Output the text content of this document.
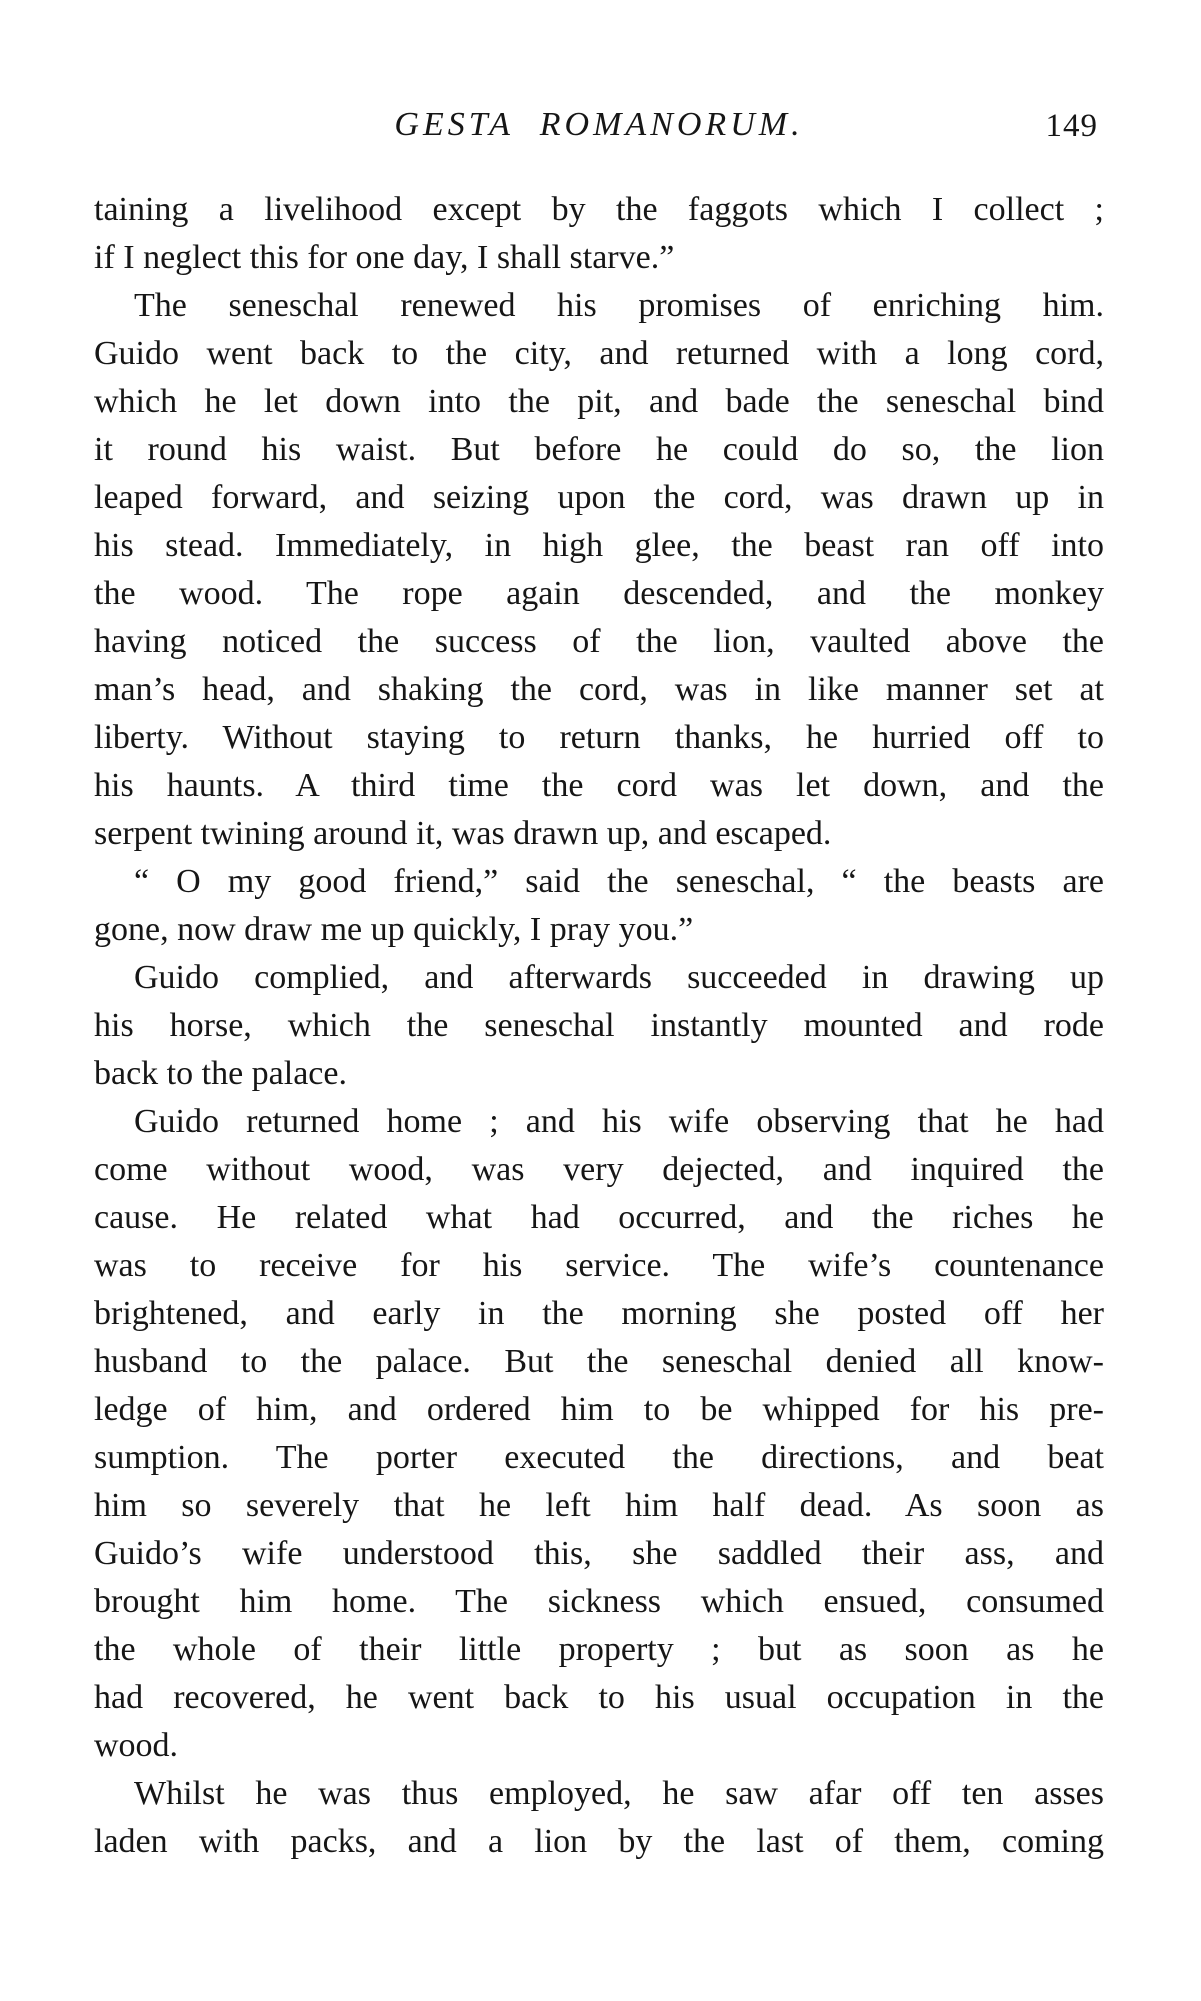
GESTA ROMANORUM.	149
taining a livelihood except by the faggots which I collect ;
if I neglect this for one day, I shall starve.”
The seneschal renewed his promises of enriching him.
Guido went back to the city, and returned with a long cord,
which he let down into the pit, and bade the seneschal bind
it round his waist. But before he could do so, the lion
leaped forward, and seizing upon the cord, was drawn up in
his stead. Immediately, in high glee, the beast ran off into
the wood. The rope again descended, and the monkey
having noticed the success of the lion, vaulted above the
man’s head, and shaking the cord, was in like manner set at
liberty. Without staying to return thanks, he hurried off to
his haunts. A third time the cord was let down, and the
serpent twining around it, was drawn up, and escaped.
“ O my good friend,” said the seneschal, “ the beasts are
gone, now draw me up quickly, I pray you.”
Guido complied, and afterwards succeeded in drawing up
his horse, which the seneschal instantly mounted and rode
back to the palace.
Guido returned home ; and his wife observing that he had
come without wood, was very dejected, and inquired the
cause. He related what had occurred, and the riches he
was to receive for his service. The wife’s countenance
brightened, and early in the morning she posted off her
husband to the palace. But the seneschal denied all know-
ledge of him, and ordered him to be whipped for his pre-
sumption. The porter executed the directions, and beat
him so severely that he left him half dead. As soon as
Guido’s wife understood this, she saddled their ass, and
brought him home. The sickness which ensued, consumed
the whole of their little property ; but as soon as he
had recovered, he went back to his usual occupation in the
wood.
Whilst he was thus employed, he saw afar off ten asses
laden with packs, and a lion by the last of them, coming
